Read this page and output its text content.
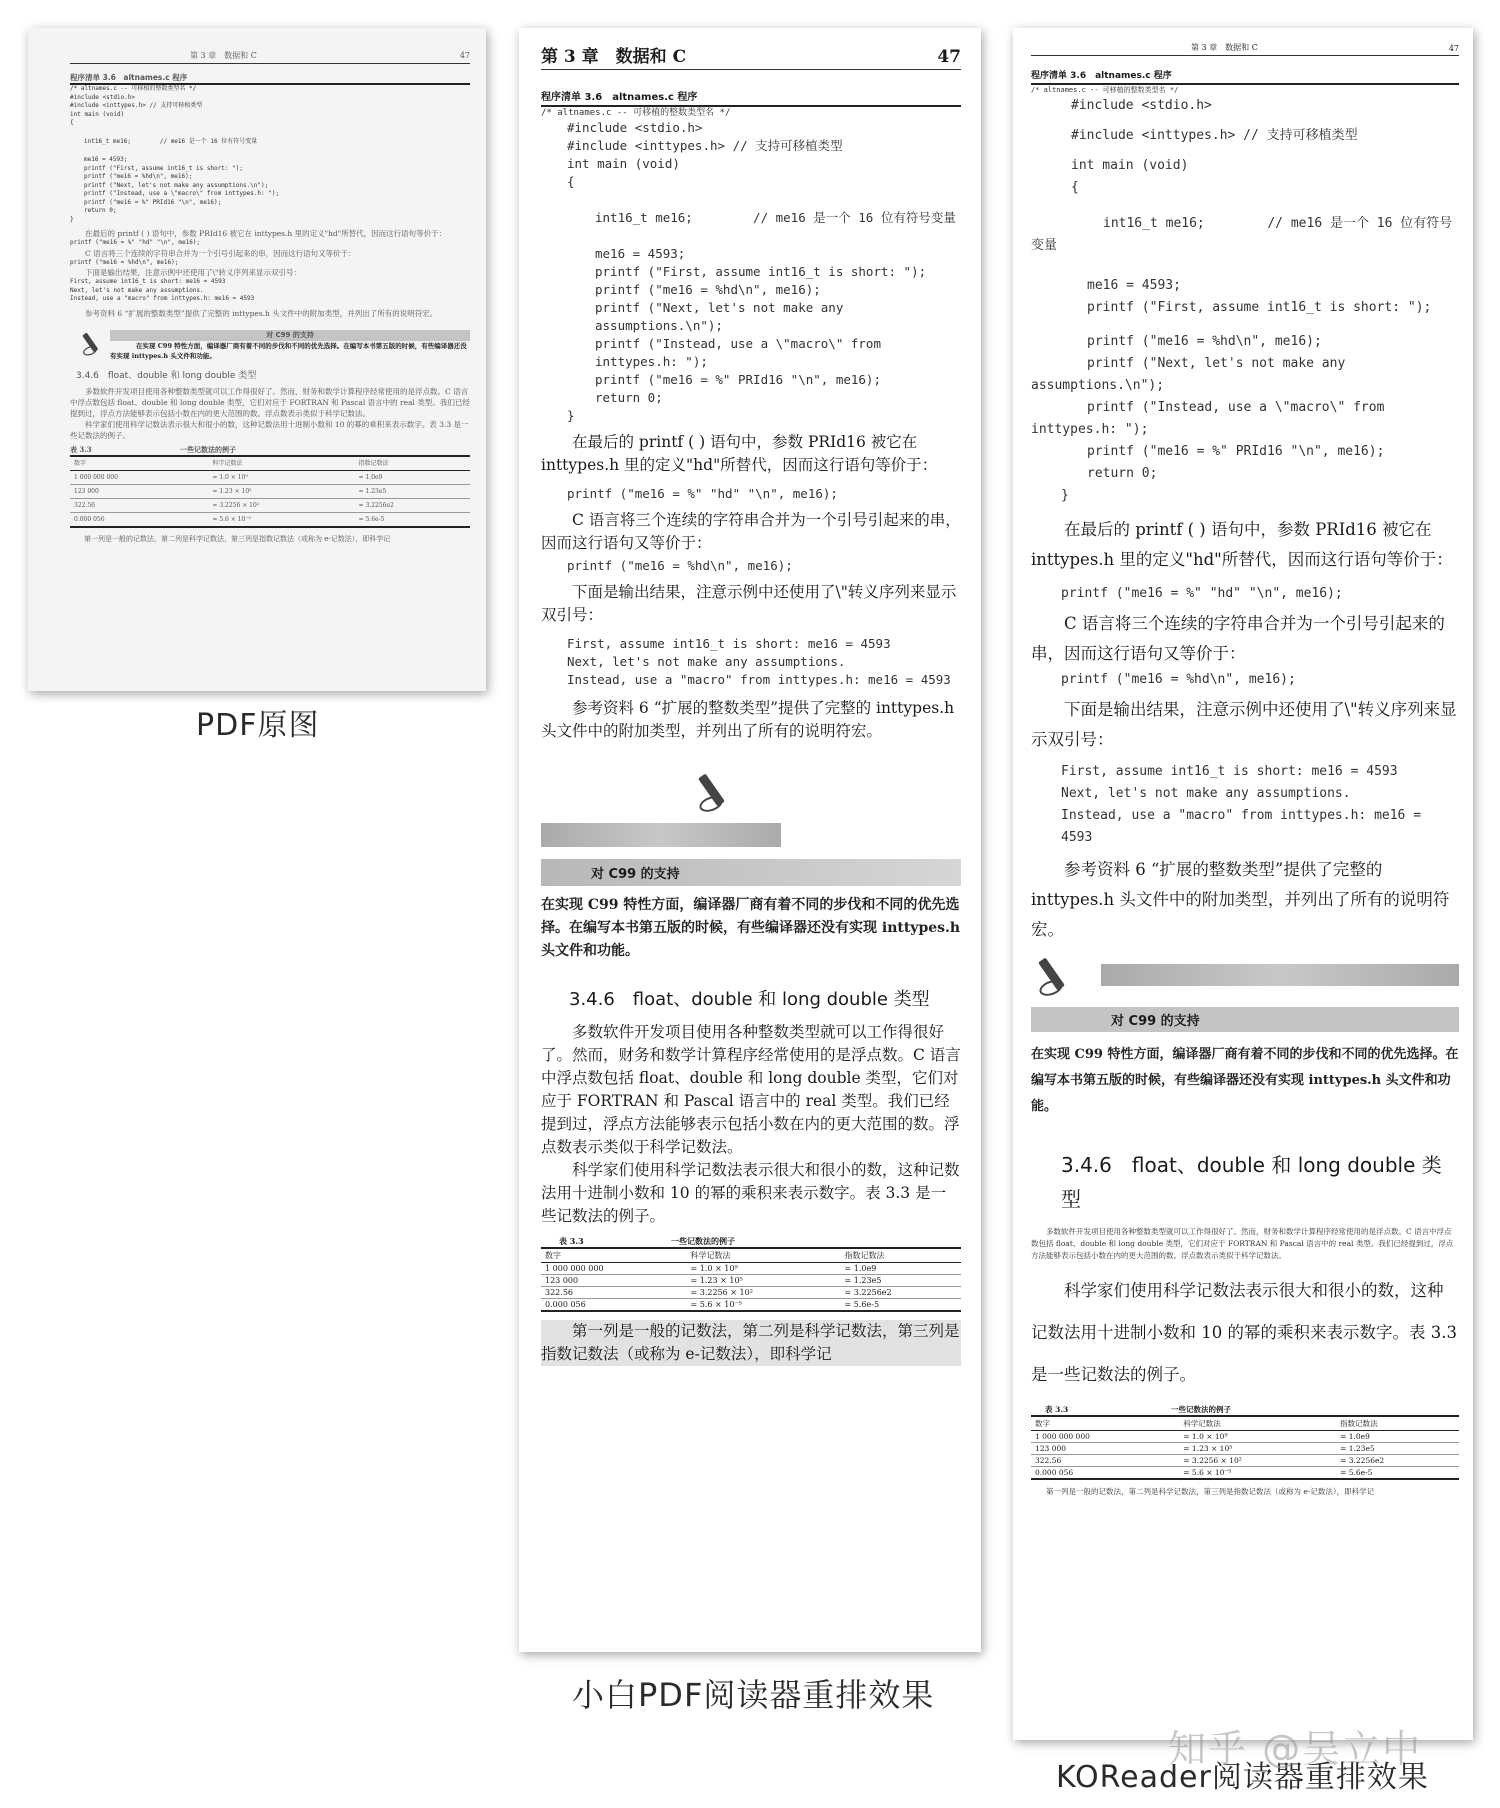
第 3 章　数据和 C	47
程序清单 3.6　altnames.c 程序
/* altnames.c -- 可移植的整数类型名 */
#include <stdio.h>
#include <inttypes.h> // 支持可移植类型
int main (void)
{
int16_t me16;        // me16 是一个 16 位有符号变量
me16 = 4593;
printf ("First, assume int16_t is short: ");
printf ("me16 = %hd\n", me16);
printf ("Next, let's not make any assumptions.\n");
printf ("Instead, use a \"macro\" from inttypes.h: ");
printf ("me16 = %" PRId16 "\n", me16);
return 0;
}

在最后的 printf ( ) 语句中，参数 PRId16 被它在 inttypes.h 里的定义"hd"所替代，因而这行语句等价于：

printf ("me16 = %" "hd" "\n", me16);

C 语言将三个连续的字符串合并为一个引号引起来的串，因而这行语句又等价于：

printf ("me16 = %hd\n", me16);

下面是输出结果，注意示例中还使用了\"转义序列来显示双引号：

First, assume int16_t is short: me16 = 4593
Next, let's not make any assumptions.
Instead, use a "macro" from inttypes.h: me16 = 4593

参考资料 6 “扩展的整数类型”提供了完整的 inttypes.h 头文件中的附加类型，并列出了所有的说明符宏。

对 C99 的支持

在实现 C99 特性方面，编译器厂商有着不同的步伐和不同的优先选择。在编写本书第五版的时候，有些编译器还没有实现 inttypes.h 头文件和功能。

3.4.6　float、double 和 long double 类型

多数软件开发项目使用各种整数类型就可以工作得很好了。然而，财务和数学计算程序经常使用的是浮点数。C 语言中浮点数包括 float、double 和 long double 类型，它们对应于 FORTRAN 和 Pascal 语言中的 real 类型。我们已经提到过，浮点方法能够表示包括小数在内的更大范围的数。浮点数表示类似于科学记数法。

科学家们使用科学记数法表示很大和很小的数，这种记数法用十进制小数和 10 的幂的乘积来表示数字。表 3.3 是一些记数法的例子。

表 3.3	一些记数法的例子
数字	科学记数法	指数记数法
1 000 000 000	= 1.0 × 10⁹	= 1.0e9
123 000	= 1.23 × 10⁵	= 1.23e5
322.56	= 3.2256 × 10²	= 3.2256e2
0.000 056	= 5.6 × 10⁻⁵	= 5.6e-5

第一列是一般的记数法，第二列是科学记数法，第三列是指数记数法（或称为 e-记数法），即科学记

PDF原图
第 3 章　数据和 C	47
程序清单 3.6　altnames.c 程序
/* altnames.c -- 可移植的整数类型名 */
#include <stdio.h>
#include <inttypes.h> // 支持可移植类型
int main (void)
{
int16_t me16;        // me16 是一个 16 位有符号变量
me16 = 4593;
printf ("First, assume int16_t is short: ");
printf ("me16 = %hd\n", me16);
printf ("Next, let's not make any assumptions.\n");
printf ("Instead, use a \"macro\" from inttypes.h: ");
printf ("me16 = %" PRId16 "\n", me16);
return 0;
}

在最后的 printf ( ) 语句中，参数 PRId16 被它在 inttypes.h 里的定义"hd"所替代，因而这行语句等价于：

printf ("me16 = %" "hd" "\n", me16);

C 语言将三个连续的字符串合并为一个引号引起来的串，因而这行语句又等价于：

printf ("me16 = %hd\n", me16);

下面是输出结果，注意示例中还使用了\"转义序列来显示双引号：

First, assume int16_t is short: me16 = 4593
Next, let's not make any assumptions.
Instead, use a "macro" from inttypes.h: me16 = 4593

参考资料 6 “扩展的整数类型”提供了完整的 inttypes.h 头文件中的附加类型，并列出了所有的说明符宏。

对 C99 的支持

在实现 C99 特性方面，编译器厂商有着不同的步伐和不同的优先选择。在编写本书第五版的时候，有些编译器还没有实现 inttypes.h 头文件和功能。

3.4.6　float、double 和 long double 类型

多数软件开发项目使用各种整数类型就可以工作得很好了。然而，财务和数学计算程序经常使用的是浮点数。C 语言中浮点数包括 float、double 和 long double 类型，它们对应于 FORTRAN 和 Pascal 语言中的 real 类型。我们已经提到过，浮点方法能够表示包括小数在内的更大范围的数。浮点数表示类似于科学记数法。

科学家们使用科学记数法表示很大和很小的数，这种记数法用十进制小数和 10 的幂的乘积来表示数字。表 3.3 是一些记数法的例子。

表 3.3	一些记数法的例子
数字	科学记数法	指数记数法
1 000 000 000	= 1.0 × 10⁹	= 1.0e9
123 000	= 1.23 × 10⁵	= 1.23e5
322.56	= 3.2256 × 10²	= 3.2256e2
0.000 056	= 5.6 × 10⁻⁵	= 5.6e-5

第一列是一般的记数法，第二列是科学记数法，第三列是指数记数法（或称为 e-记数法），即科学记

小白PDF阅读器重排效果
第 3 章　数据和 C	47
程序清单 3.6　altnames.c 程序
/* altnames.c -- 可移植的整数类型名 */
#include <stdio.h>
#include <inttypes.h> // 支持可移植类型
int main (void)
{
int16_t me16;        // me16 是一个 16 位有符号变量
me16 = 4593;
printf ("First, assume int16_t is short: ");
printf ("me16 = %hd\n", me16);
printf ("Next, let's not make any assumptions.\n");
printf ("Instead, use a \"macro\" from inttypes.h: ");
printf ("me16 = %" PRId16 "\n", me16);
return 0;
}

在最后的 printf ( ) 语句中，参数 PRId16 被它在 inttypes.h 里的定义"hd"所替代，因而这行语句等价于：

printf ("me16 = %" "hd" "\n", me16);

C 语言将三个连续的字符串合并为一个引号引起来的串，因而这行语句又等价于：

printf ("me16 = %hd\n", me16);

下面是输出结果，注意示例中还使用了\"转义序列来显示双引号：

First, assume int16_t is short: me16 = 4593
Next, let's not make any assumptions.
Instead, use a "macro" from inttypes.h: me16 = 4593

参考资料 6 “扩展的整数类型”提供了完整的 inttypes.h 头文件中的附加类型，并列出了所有的说明符宏。

对 C99 的支持

在实现 C99 特性方面，编译器厂商有着不同的步伐和不同的优先选择。在编写本书第五版的时候，有些编译器还没有实现 inttypes.h 头文件和功能。

3.4.6　float、double 和 long double 类型

多数软件开发项目使用各种整数类型就可以工作得很好了。然而，财务和数学计算程序经常使用的是浮点数。C 语言中浮点数包括 float、double 和 long double 类型，它们对应于 FORTRAN 和 Pascal 语言中的 real 类型。我们已经提到过，浮点方法能够表示包括小数在内的更大范围的数。浮点数表示类似于科学记数法。

科学家们使用科学记数法表示很大和很小的数，这种记数法用十进制小数和 10 的幂的乘积来表示数字。表 3.3 是一些记数法的例子。

表 3.3	一些记数法的例子
数字	科学记数法	指数记数法
1 000 000 000	= 1.0 × 10⁹	= 1.0e9
123 000	= 1.23 × 10⁵	= 1.23e5
322.56	= 3.2256 × 10²	= 3.2256e2
0.000 056	= 5.6 × 10⁻⁵	= 5.6e-5

第一列是一般的记数法，第二列是科学记数法，第三列是指数记数法（或称为 e-记数法），即科学记

KOReader阅读器重排效果
知乎 @吴立中
